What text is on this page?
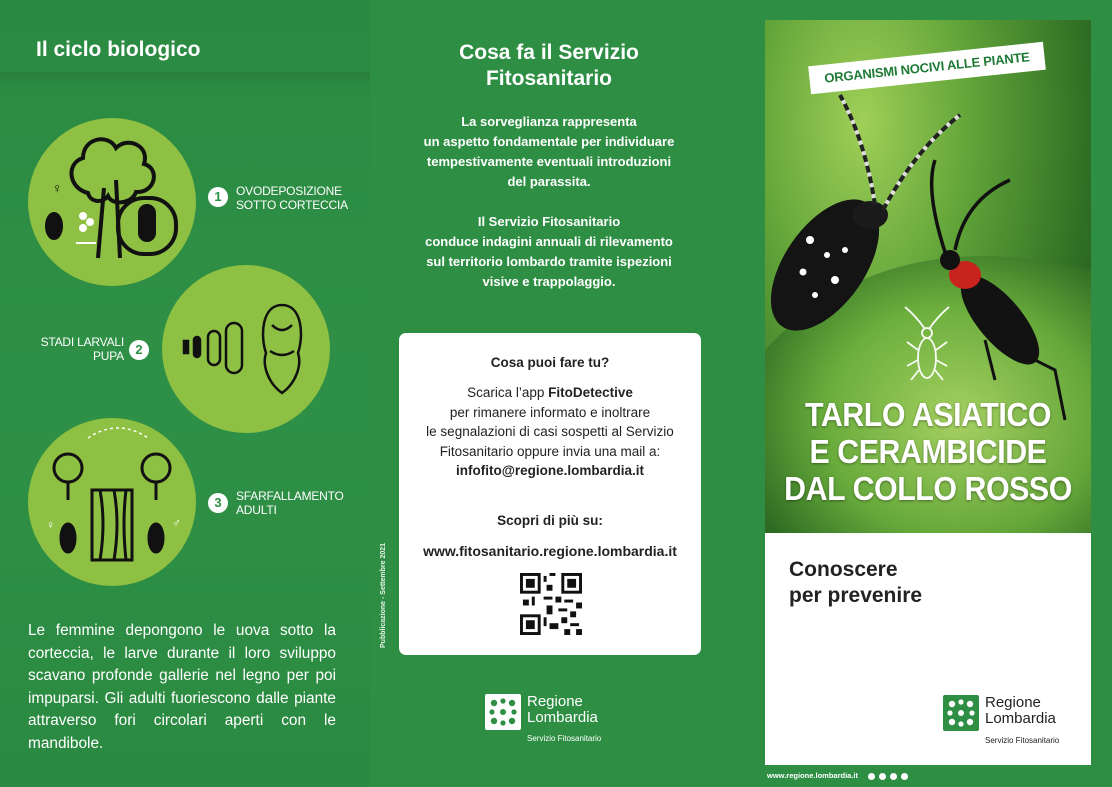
Il ciclo biologico
♀
1	OVODEPOSIZIONE
SOTTO CORTECCIA
2
STADI LARVALI
PUPA
♀	♂
3	SFARFALLAMENTO
ADULTI
Le femmine depongono le uova sotto la corteccia, le larve durante il loro sviluppo scavano profonde gallerie nel legno per poi impuparsi. Gli adulti fuoriescono dalle piante attraverso fori circolari aperti con le mandibole.
Cosa fa il Servizio
Fitosanitario
La sorveglianza rappresenta
un aspetto fondamentale per individuare
tempestivamente eventuali introduzioni
del parassita.
Il Servizio Fitosanitario
conduce indagini annuali di rilevamento
sul territorio lombardo tramite ispezioni
visive e trappolaggio.
Pubblicazione - Settembre 2021
Cosa puoi fare tu?
Scarica l’app FitoDetective
per rimanere informato e inoltrare
le segnalazioni di casi sospetti al Servizio
Fitosanitario oppure invia una mail a:
infofito@regione.lombardia.it
Scopri di più su:
www.fitosanitario.regione.lombardia.it
Regione
Lombardia
Servizio Fitosanitario
ORGANISMI NOCIVI ALLE PIANTE
TARLO ASIATICO
E CERAMBICIDE
DAL COLLO ROSSO
Conoscere
per prevenire
Regione
Lombardia
Servizio Fitosanitario
www.regione.lombardia.it
